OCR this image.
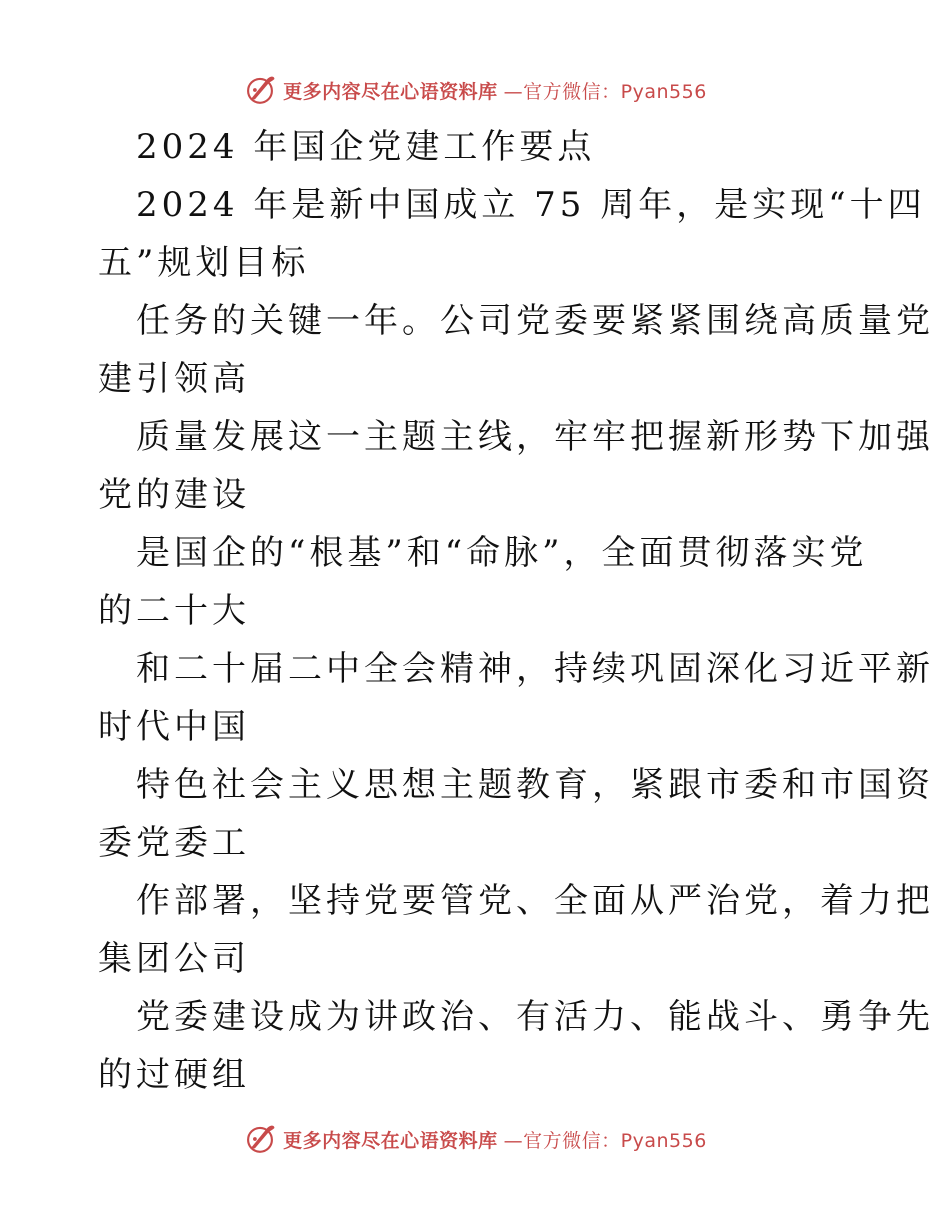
更多内容尽在心语资料库 —官方微信：Pyan556
2024 年国企党建工作要点
2024 年是新中国成立 75 周年，是实现“十四
五”规划目标
任务的关键一年。公司党委要紧紧围绕高质量党
建引领高
质量发展这一主题主线，牢牢把握新形势下加强
党的建设
是国企的“根基”和“命脉”，全面贯彻落实党
的二十大
和二十届二中全会精神，持续巩固深化习近平新
时代中国
特色社会主义思想主题教育，紧跟市委和市国资
委党委工
作部署，坚持党要管党、全面从严治党，着力把
集团公司
党委建设成为讲政治、有活力、能战斗、勇争先
的过硬组
更多内容尽在心语资料库 —官方微信：Pyan556
